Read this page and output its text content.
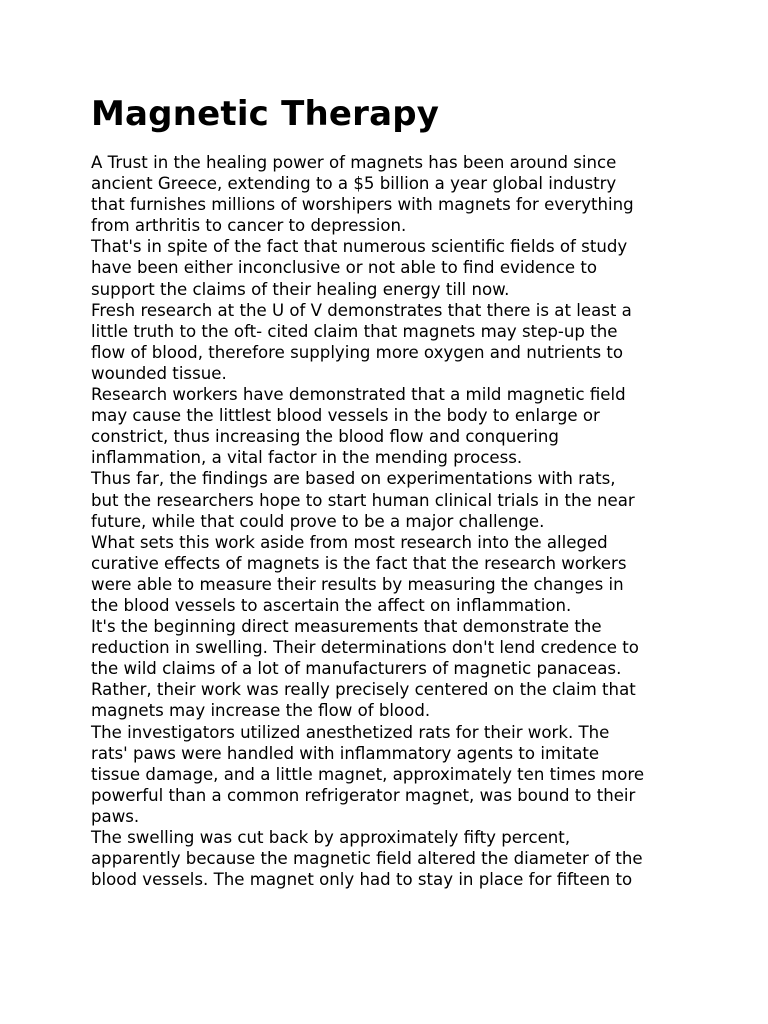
Magnetic Therapy

A Trust in the healing power of magnets has been around since
ancient Greece, extending to a $5 billion a year global industry
that furnishes millions of worshipers with magnets for everything
from arthritis to cancer to depression.

That's in spite of the fact that numerous scientific fields of study
have been either inconclusive or not able to find evidence to
support the claims of their healing energy till now.

Fresh research at the U of V demonstrates that there is at least a
little truth to the oft- cited claim that magnets may step-up the
flow of blood, therefore supplying more oxygen and nutrients to
wounded tissue.

Research workers have demonstrated that a mild magnetic field
may cause the littlest blood vessels in the body to enlarge or
constrict, thus increasing the blood flow and conquering
inflammation, a vital factor in the mending process.

Thus far, the findings are based on experimentations with rats,
but the researchers hope to start human clinical trials in the near
future, while that could prove to be a major challenge.

What sets this work aside from most research into the alleged
curative effects of magnets is the fact that the research workers
were able to measure their results by measuring the changes in
the blood vessels to ascertain the affect on inflammation.

It's the beginning direct measurements that demonstrate the
reduction in swelling. Their determinations don't lend credence to
the wild claims of a lot of manufacturers of magnetic panaceas.
Rather, their work was really precisely centered on the claim that
magnets may increase the flow of blood.

The investigators utilized anesthetized rats for their work. The
rats' paws were handled with inflammatory agents to imitate
tissue damage, and a little magnet, approximately ten times more
powerful than a common refrigerator magnet, was bound to their
paws.

The swelling was cut back by approximately fifty percent,
apparently because the magnetic field altered the diameter of the
blood vessels. The magnet only had to stay in place for fifteen to
